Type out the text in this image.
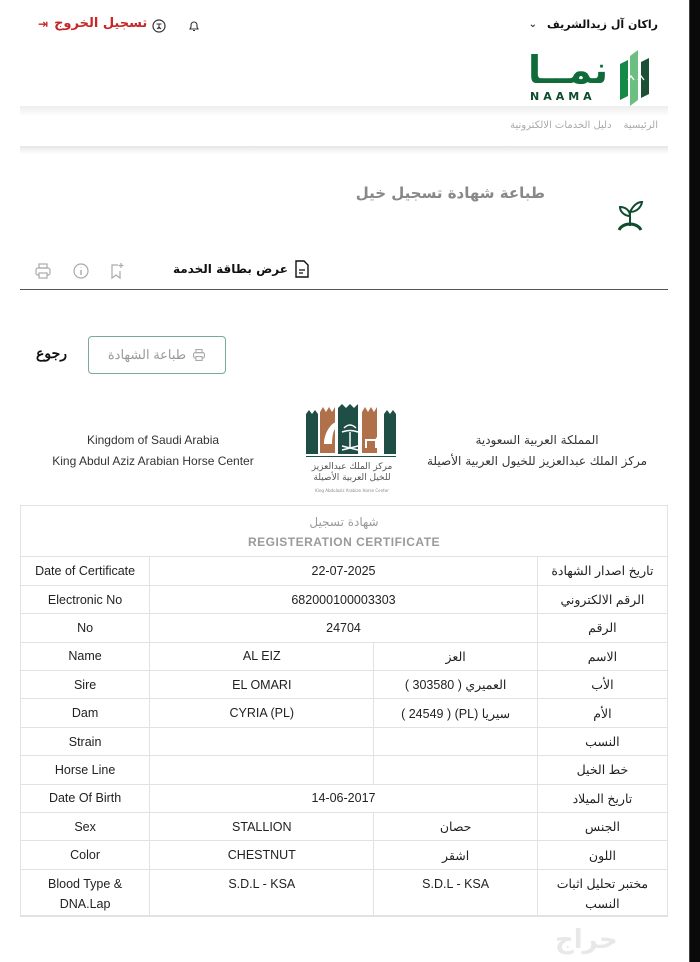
⇥ تسجيل الخروج	راكان آل زيدالشريف
⌄
نمــا
NAAMA
الرئيسية
دليل الخدمات الالكترونية
طباعة شهادة تسجيل خيل
عرض بطاقة الخدمة
رجوع	طباعة الشهادة
Kingdom of Saudi Arabia
King Abdul Aziz Arabian Horse Center	مركز الملك عبدالعزيز
للخيل العربية الأصيلة
King Abdulaziz Arabian Horse Center
المملكة العربية السعودية
مركز الملك عبدالعزيز للخيول العربية الأصيلة
شهادة تسجيل
REGISTERATION CERTIFICATE
Date of Certificate	22-07-2025		تاريخ اصدار الشهادة
Electronic No	682000100003303		الرقم الالكتروني
No	24704		الرقم
Name	AL EIZ	العز	الاسم
Sire	EL OMARI	العميري ( 303580 )	الأب
Dam	CYRIA (PL)	سيريا (PL) ( 24549 )	الأم
Strain			النسب
Horse Line			خط الخيل
Date Of Birth	14-06-2017		تاريخ الميلاد
Sex	STALLION	حصان	الجنس
Color	CHESTNUT	اشقر	اللون
Blood Type & DNA.Lap	S.D.L - KSA	S.D.L - KSA	مختبر تحليل اثبات النسب
حراج
